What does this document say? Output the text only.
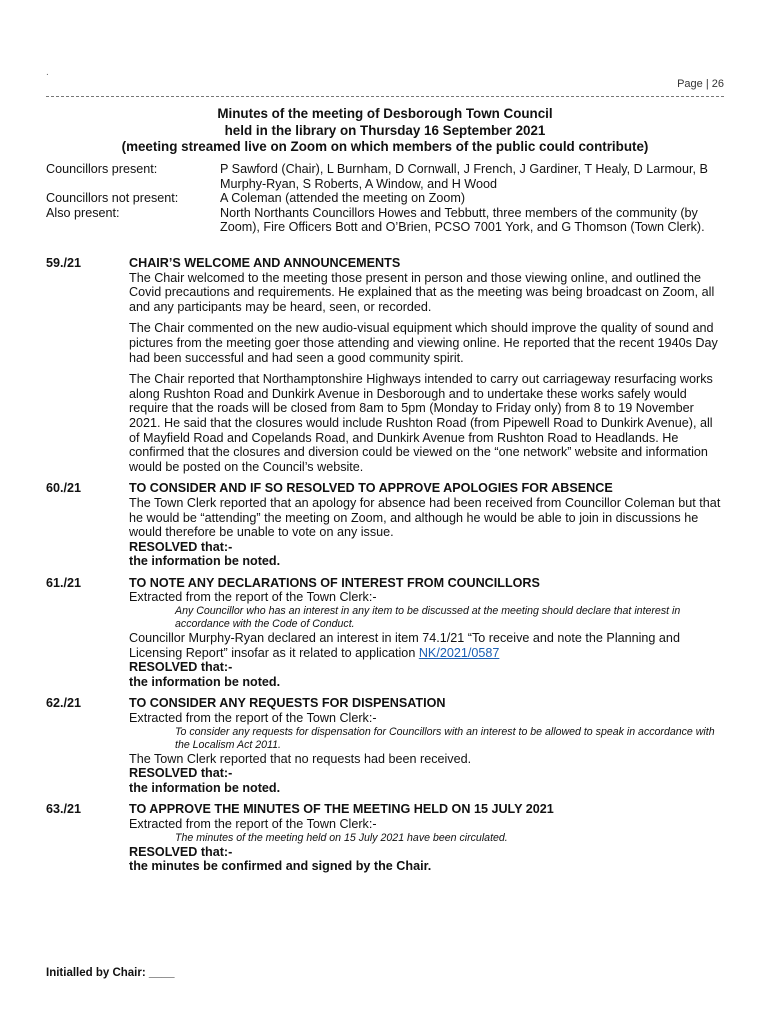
.
Page | 26
Minutes of the meeting of Desborough Town Council
held in the library on Thursday 16 September 2021
(meeting streamed live on Zoom on which members of the public could contribute)
Councillors present:	P Sawford (Chair), L Burnham, D Cornwall, J French, J Gardiner, T Healy, D Larmour, B Murphy-Ryan, S Roberts, A Window, and H Wood
Councillors not present:	A Coleman (attended the meeting on Zoom)
Also present:	North Northants Councillors Howes and Tebbutt, three members of the community (by Zoom), Fire Officers Bott and O’Brien, PCSO 7001 York, and G Thomson (Town Clerk).
59./21	CHAIR’S WELCOME AND ANNOUNCEMENTS
The Chair welcomed to the meeting those present in person and those viewing online, and outlined the Covid precautions and requirements. He explained that as the meeting was being broadcast on Zoom, all and any participants may be heard, seen, or recorded.
The Chair commented on the new audio-visual equipment which should improve the quality of sound and pictures from the meeting goer those attending and viewing online. He reported that the recent 1940s Day had been successful and had seen a good community spirit.
The Chair reported that Northamptonshire Highways intended to carry out carriageway resurfacing works along Rushton Road and Dunkirk Avenue in Desborough and to undertake these works safely would require that the roads will be closed from 8am to 5pm (Monday to Friday only) from 8 to 19 November 2021. He said that the closures would include Rushton Road (from Pipewell Road to Dunkirk Avenue), all of Mayfield Road and Copelands Road, and Dunkirk Avenue from Rushton Road to Headlands. He confirmed that the closures and diversion could be viewed on the “one network” website and information would be posted on the Council’s website.
60./21	TO CONSIDER AND IF SO RESOLVED TO APPROVE APOLOGIES FOR ABSENCE
The Town Clerk reported that an apology for absence had been received from Councillor Coleman but that he would be “attending” the meeting on Zoom, and although he would be able to join in discussions he would therefore be unable to vote on any issue.
RESOLVED that:-
the information be noted.
61./21	TO NOTE ANY DECLARATIONS OF INTEREST FROM COUNCILLORS
Extracted from the report of the Town Clerk:-
Any Councillor who has an interest in any item to be discussed at the meeting should declare that interest in accordance with the Code of Conduct.
Councillor Murphy-Ryan declared an interest in item 74.1/21 “To receive and note the Planning and Licensing Report” insofar as it related to application NK/2021/0587
RESOLVED that:-
the information be noted.
62./21	TO CONSIDER ANY REQUESTS FOR DISPENSATION
Extracted from the report of the Town Clerk:-
To consider any requests for dispensation for Councillors with an interest to be allowed to speak in accordance with the Localism Act 2011.
The Town Clerk reported that no requests had been received.
RESOLVED that:-
the information be noted.
63./21	TO APPROVE THE MINUTES OF THE MEETING HELD ON 15 JULY 2021
Extracted from the report of the Town Clerk:-
The minutes of the meeting held on 15 July 2021 have been circulated.
RESOLVED that:-
the minutes be confirmed and signed by the Chair.
Initialled by Chair: ____
